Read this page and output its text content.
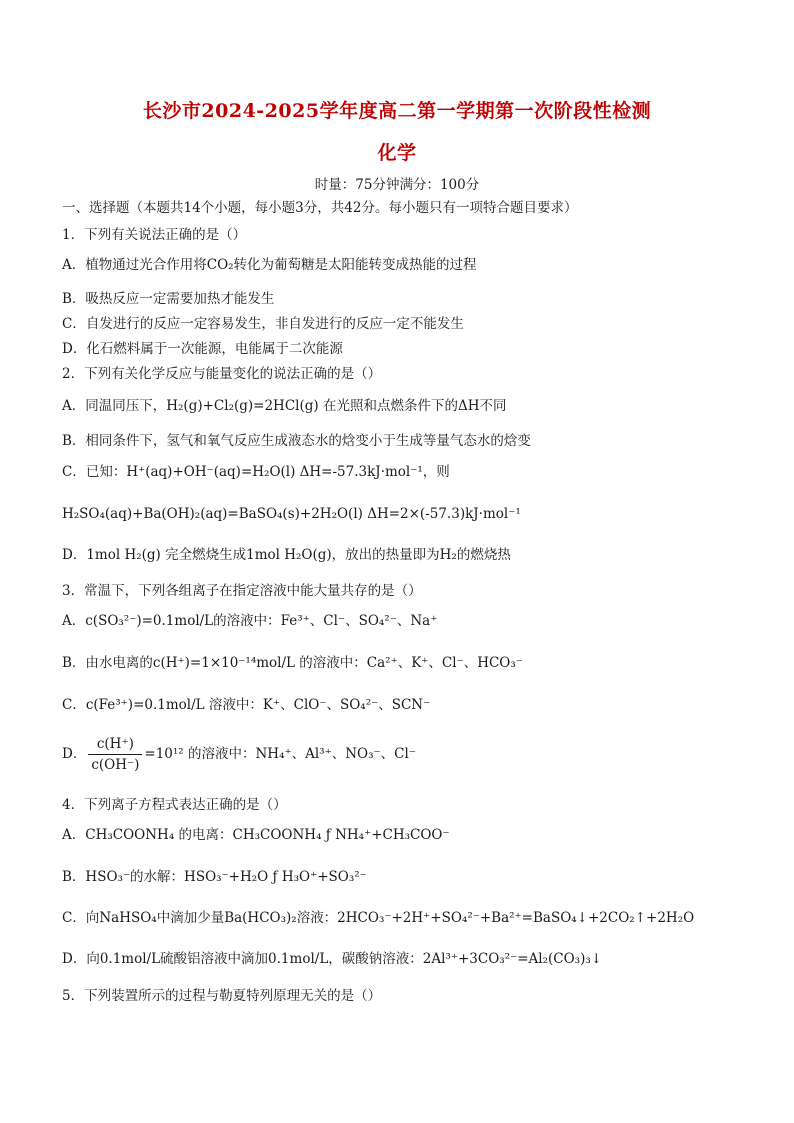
长沙市2024-2025学年度高二第一学期第一次阶段性检测
化学
时量：75分钟满分：100分
一、选择题（本题共14个小题，每小题3分，共42分。每小题只有一项特合题目要求）
1．下列有关说法正确的是（）
A．植物通过光合作用将CO₂转化为葡萄糖是太阳能转变成热能的过程
B．吸热反应一定需要加热才能发生
C．自发进行的反应一定容易发生，非自发进行的反应一定不能发生
D．化石燃料属于一次能源，电能属于二次能源
2．下列有关化学反应与能量变化的说法正确的是（）
A．同温同压下，H₂(g)+Cl₂(g)=2HCl(g) 在光照和点燃条件下的ΔH不同
B．相同条件下，氢气和氧气反应生成液态水的焓变小于生成等量气态水的焓变
C．已知：H⁺(aq)+OH⁻(aq)=H₂O(l) ΔH=-57.3kJ·mol⁻¹，则
H₂SO₄(aq)+Ba(OH)₂(aq)=BaSO₄(s)+2H₂O(l) ΔH=2×(-57.3)kJ·mol⁻¹
D．1mol H₂(g) 完全燃烧生成1mol H₂O(g)，放出的热量即为H₂的燃烧热
3．常温下，下列各组离子在指定溶液中能大量共存的是（）
A．c(SO₃²⁻)=0.1mol/L的溶液中：Fe³⁺、Cl⁻、SO₄²⁻、Na⁺
B．由水电离的c(H⁺)=1×10⁻¹⁴mol/L 的溶液中：Ca²⁺、K⁺、Cl⁻、HCO₃⁻
C．c(Fe³⁺)=0.1mol/L 溶液中：K⁺、ClO⁻、SO₄²⁻、SCN⁻
D． $\frac{c(H^+)}{c(OH^-)} =10^{12}$ 的溶液中：NH₄⁺、Al³⁺、NO₃⁻、Cl⁻
4．下列离子方程式表达正确的是（）
A．CH₃COONH₄ 的电离：CH₃COONH₄ ƒ NH₄⁺+CH₃COO⁻
B．HSO₃⁻的水解：HSO₃⁻+H₂O ƒ H₃O⁺+SO₃²⁻
C．向NaHSO₄中滴加少量Ba(HCO₃)₂溶液：2HCO₃⁻+2H⁺+SO₄²⁻+Ba²⁺=BaSO₄↓+2CO₂↑+2H₂O
D．向0.1mol/L硫酸铝溶液中滴加0.1mol/L，碳酸钠溶液：2Al³⁺+3CO₃²⁻=Al₂(CO₃)₃↓
5．下列装置所示的过程与勒夏特列原理无关的是（）
